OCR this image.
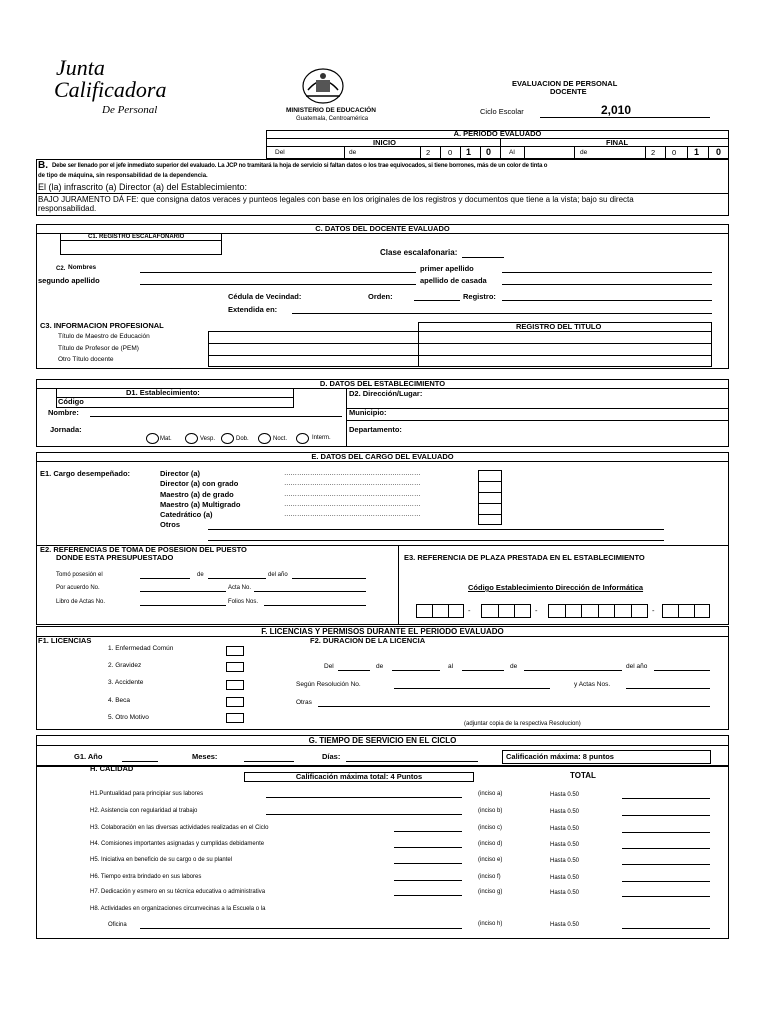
Junta
Calificadora
De Personal	MINISTERIO DE EDUCACIÓN
Guatemala, Centroamérica
EVALUACION DE PERSONAL
DOCENTE
Ciclo Escolar	2,010
A. PERIODO EVALUADO
INICIO	FINAL
Del	de	2 0 1 0	Al	de	2 0 1 0
B. Debe ser llenado por el jefe inmediato superior del evaluado. La JCP no tramitará la hoja de servicio si faltan datos o los trae equivocados, si tiene borrones, más de un color de tinta o
de tipo de máquina, sin responsabilidad de la dependencia.
El (la) infrascrito (a) Director (a) del Establecimiento:
BAJO JURAMENTO DÁ FE: que consigna datos veraces y punteos legales con base en los originales de los registros y documentos que tiene a la vista; bajo su directa
responsabilidad.
C. DATOS DEL DOCENTE EVALUADO
C1. REGISTRO ESCALAFONARIO
Clase escalafonaria:
C2. Nombres	primer apellido
segundo apellido	apellido de casada
Cédula de Vecindad:	Orden:	Registro:
Extendida en:
C3. INFORMACION PROFESIONAL	REGISTRO DEL TITULO
Título de Maestro de Educación
Título de Profesor de (PEM)
Otro Título docente
D. DATOS DEL ESTABLECIMIENTO
D1. Establecimiento:
Código
Nombre:
Jornada:
Mat.	Vesp.	Dob.	Noct.	Interm.
D2. Dirección/Lugar:
Municipio:
Departamento:
E. DATOS DEL CARGO DEL EVALUADO
E1. Cargo desempeñado:	Director (a)
Director (a) con grado
Maestro (a) de grado
Maestro (a) Multigrado
Catedrático (a)
Otros
………………………………………………………
………………………………………………………
………………………………………………………
………………………………………………………
………………………………………………………
E2. REFERENCIAS DE TOMA DE POSESION DEL PUESTO
DONDE ESTA PRESUPUESTADO
Tomó posesión el	de	del año
Por acuerdo No.	Acta No.
Libro de Actas No.	Folios Nos.
E3. REFERENCIA DE PLAZA PRESTADA EN EL ESTABLECIMIENTO
Código Establecimiento Dirección de Informática
-	-	-
F. LICENCIAS Y PERMISOS DURANTE EL PERIODO EVALUADO
F1. LICENCIAS	F2. DURACION DE LA LICENCIA
1. Enfermedad Común
2. Gravidez
3. Accidente
4. Beca
5. Otro Motivo
Del	de	al	de	del año
Según Resolución No.	y Actas Nos.
Otras
(adjuntar copia de la respectiva Resolucion)
G. TIEMPO DE SERVICIO EN EL CICLO
G1. Año	Meses:	Días:	Calificación máxima: 8 puntos
H. CALIDAD
Calificación máxima total: 4 Puntos	TOTAL
H1.Puntualidad para principiar sus labores	(inciso a)	Hasta 0.50
H2. Asistencia con regularidad al trabajo	(inciso b)	Hasta 0.50
H3. Colaboración en las diversas actividades realizadas en el Ciclo	(inciso c)	Hasta 0.50
H4. Comisiones importantes asignadas y cumplidas debidamente	(inciso d)	Hasta 0.50
H5. Iniciativa en beneficio de su cargo o de su plantel	(inciso e)	Hasta 0.50
H6. Tiempo extra brindado en sus labores	(inciso f)	Hasta 0.50
H7. Dedicación y esmero en su técnica educativa o administrativa	(inciso g)	Hasta 0.50
H8. Actividades en organizaciones circunvecinas a la Escuela o la
Oficina	(inciso h)	Hasta 0.50
